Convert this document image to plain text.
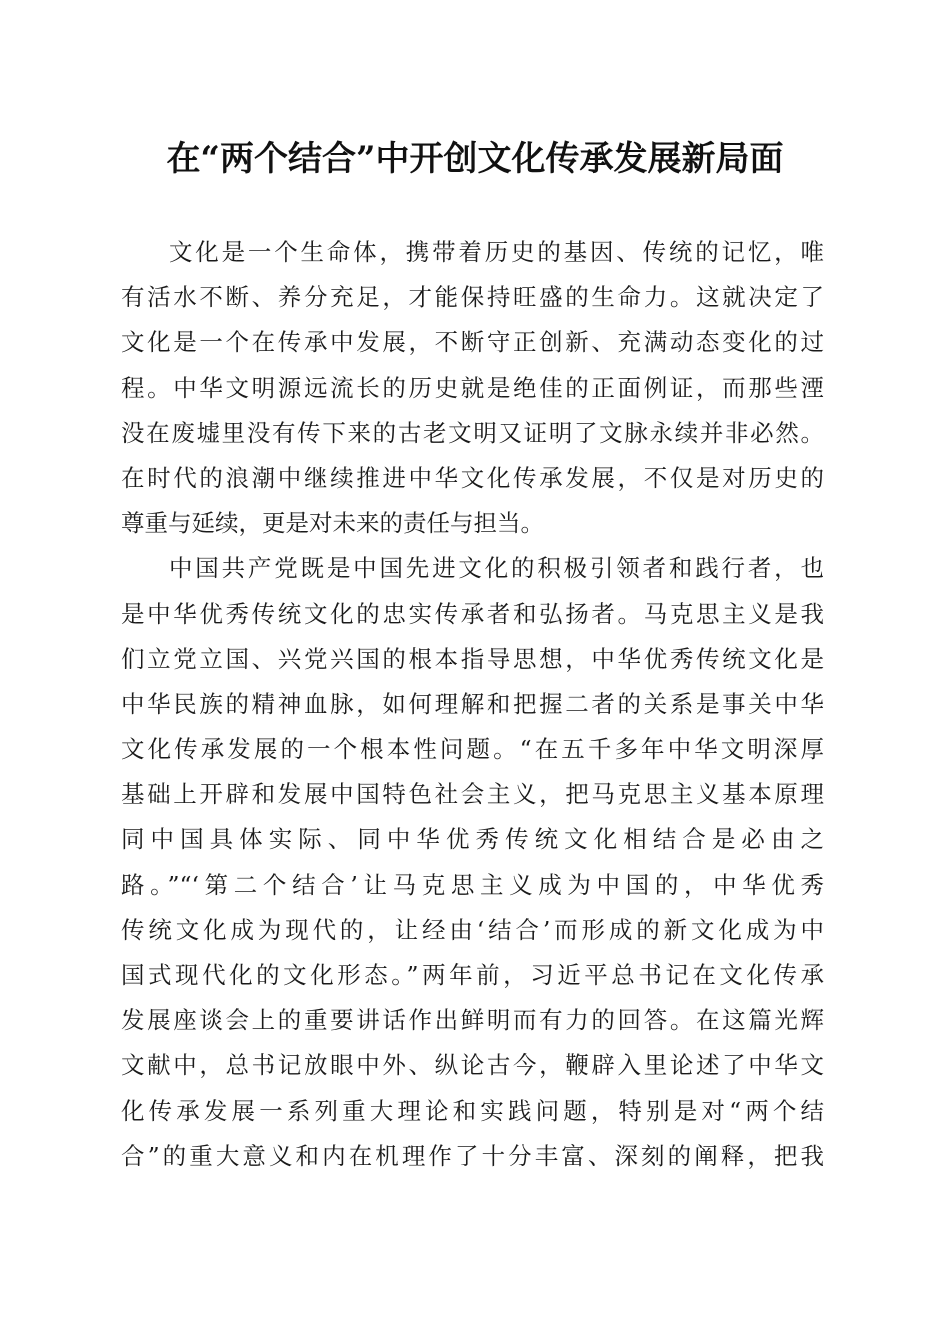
在“两个结合”中开创文化传承发展新局面
文化是一个生命体，携带着历史的基因、传统的记忆，唯
有活水不断、养分充足，才能保持旺盛的生命力。这就决定了
文化是一个在传承中发展，不断守正创新、充满动态变化的过
程。中华文明源远流长的历史就是绝佳的正面例证，而那些湮
没在废墟里没有传下来的古老文明又证明了文脉永续并非必然。
在时代的浪潮中继续推进中华文化传承发展，不仅是对历史的
尊重与延续，更是对未来的责任与担当。
中国共产党既是中国先进文化的积极引领者和践行者，也
是中华优秀传统文化的忠实传承者和弘扬者。马克思主义是我
们立党立国、兴党兴国的根本指导思想，中华优秀传统文化是
中华民族的精神血脉，如何理解和把握二者的关系是事关中华
文化传承发展的一个根本性问题。“在五千多年中华文明深厚
基础上开辟和发展中国特色社会主义，把马克思主义基本原理
同中国具体实际、同中华优秀传统文化相结合是必由之
路。”“‘第二个结合’让马克思主义成为中国的，中华优秀
传统文化成为现代的，让经由‘结合’而形成的新文化成为中
国式现代化的文化形态。”两年前，习近平总书记在文化传承
发展座谈会上的重要讲话作出鲜明而有力的回答。在这篇光辉
文献中，总书记放眼中外、纵论古今，鞭辟入里论述了中华文
化传承发展一系列重大理论和实践问题，特别是对“两个结
合”的重大意义和内在机理作了十分丰富、深刻的阐释，把我
